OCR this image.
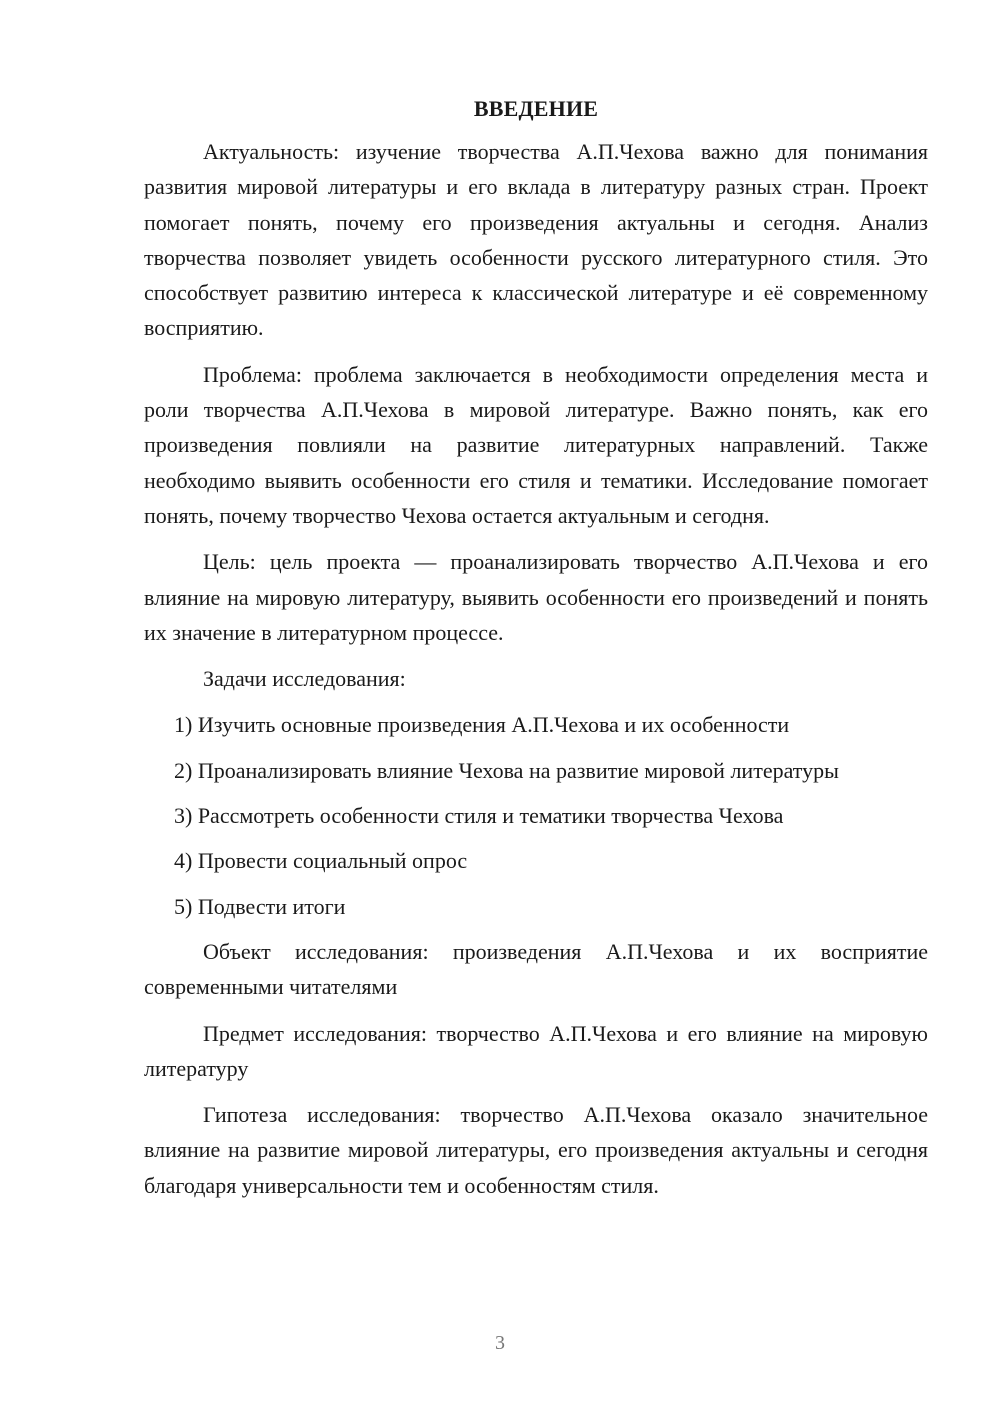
ВВЕДЕНИЕ

Актуальность: изучение творчества А.П.Чехова важно для понимания развития мировой литературы и его вклада в литературу разных стран. Проект помогает понять, почему его произведения актуальны и сегодня. Анализ творчества позволяет увидеть особенности русского литературного стиля. Это способствует развитию интереса к классической литературе и её современному восприятию.

Проблема: проблема заключается в необходимости определения места и роли творчества А.П.Чехова в мировой литературе. Важно понять, как его произведения повлияли на развитие литературных направлений. Также необходимо выявить особенности его стиля и тематики. Исследование помогает понять, почему творчество Чехова остается актуальным и сегодня.

Цель: цель проекта — проанализировать творчество А.П.Чехова и его влияние на мировую литературу, выявить особенности его произведений и понять их значение в литературном процессе.

Задачи исследования:

1) Изучить основные произведения А.П.Чехова и их особенности

2) Проанализировать влияние Чехова на развитие мировой литературы

3) Рассмотреть особенности стиля и тематики творчества Чехова

4) Провести социальный опрос

5) Подвести итоги

Объект исследования: произведения А.П.Чехова и их восприятие современными читателями

Предмет исследования: творчество А.П.Чехова и его влияние на мировую литературу

Гипотеза исследования: творчество А.П.Чехова оказало значительное влияние на развитие мировой литературы, его произведения актуальны и сегодня благодаря универсальности тем и особенностям стиля.

3
